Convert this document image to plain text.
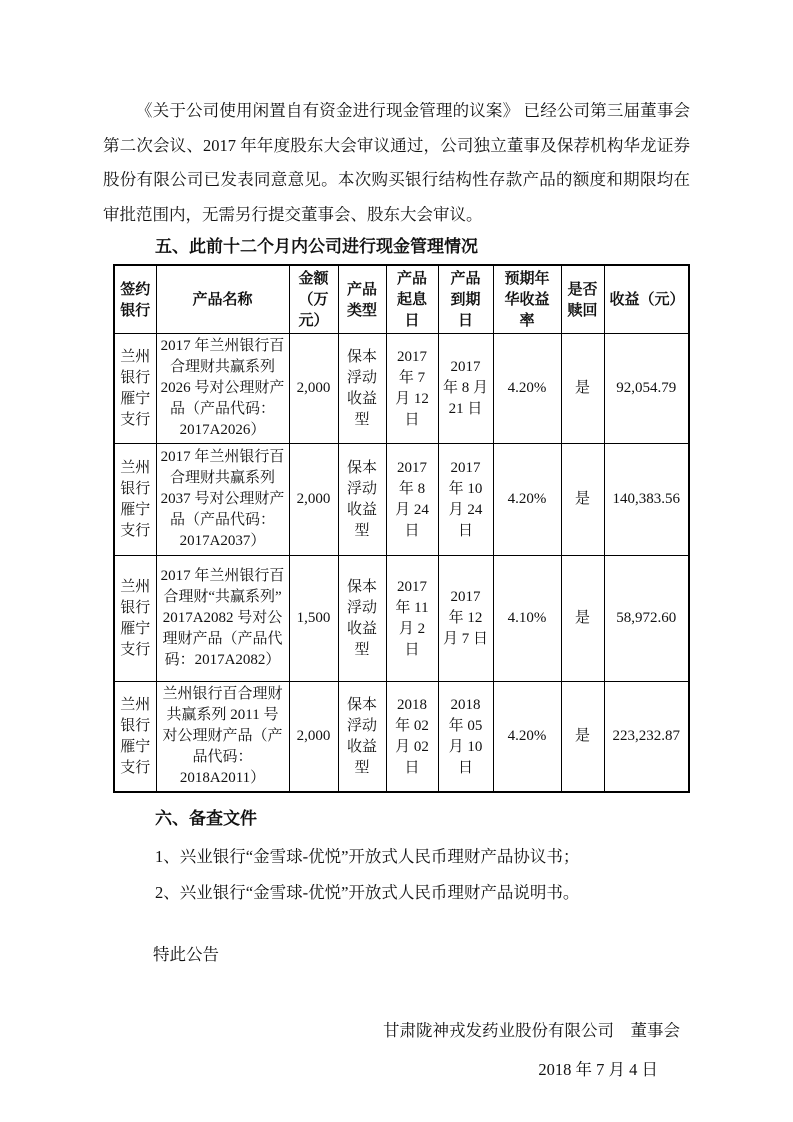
《关于公司使用闲置自有资金进行现金管理的议案》 已经公司第三届董事会第二次会议、2017 年年度股东大会审议通过，公司独立董事及保荐机构华龙证券股份有限公司已发表同意意见。本次购买银行结构性存款产品的额度和期限均在审批范围内，无需另行提交董事会、股东大会审议。

五、此前十二个月内公司进行现金管理情况
签约银行	产品名称	金额（万元）	产品类型	产品起息日	产品到期日	预期年华收益率	是否赎回	收益（元）
兰州银行雁宁支行	2017 年兰州银行百合理财共赢系列 2026 号对公理财产品（产品代码：2017A2026）	2,000	保本浮动收益型	2017 年 7 月 12 日	2017 年 8 月 21 日	4.20%	是	92,054.79
兰州银行雁宁支行	2017 年兰州银行百合理财共赢系列 2037 号对公理财产品（产品代码：2017A2037）	2,000	保本浮动收益型	2017 年 8 月 24 日	2017 年 10 月 24 日	4.20%	是	140,383.56
兰州银行雁宁支行	2017 年兰州银行百合理财“共赢系列”2017A2082 号对公理财产品（产品代码：2017A2082）	1,500	保本浮动收益型	2017 年 11 月 2 日	2017 年 12 月 7 日	4.10%	是	58,972.60
兰州银行雁宁支行	兰州银行百合理财共赢系列 2011 号对公理财产品（产品代码：2018A2011）	2,000	保本浮动收益型	2018 年 02 月 02 日	2018 年 05 月 10 日	4.20%	是	223,232.87
六、备查文件

1、兴业银行“金雪球-优悦”开放式人民币理财产品协议书；

2、兴业银行“金雪球-优悦”开放式人民币理财产品说明书。

特此公告
甘肃陇神戎发药业股份有限公司　董事会
2018 年 7 月 4 日
